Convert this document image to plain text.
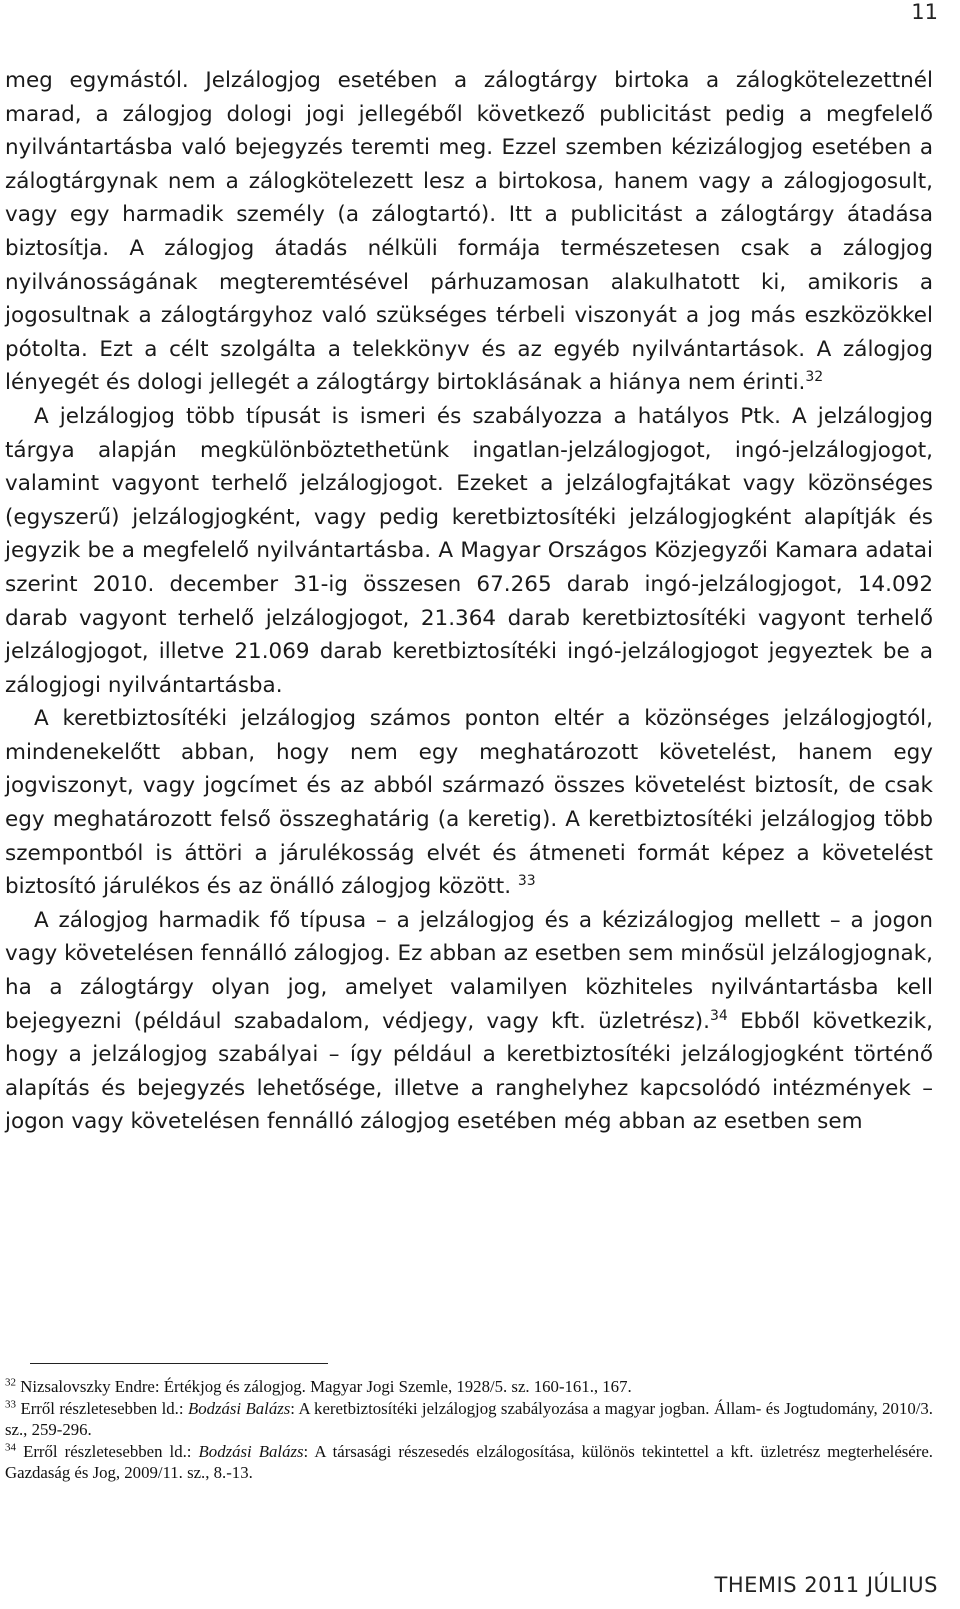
11

meg egymástól. Jelzálogjog esetében a zálogtárgy birtoka a zálogkötelezettnél marad, a zálogjog dologi jogi jellegéből következő publicitást pedig a megfelelő nyilvántartásba való bejegyzés teremti meg. Ezzel szemben kézizálogjog esetében a zálogtárgynak nem a zálogkötelezett lesz a birtokosa, hanem vagy a zálogjogosult, vagy egy harmadik személy (a zálogtartó). Itt a publicitást a zálogtárgy átadása biztosítja. A zálogjog átadás nélküli formája természetesen csak a zálogjog nyilvánosságának megteremtésével párhuzamosan alakulhatott ki, amikoris a jogosultnak a zálogtárgyhoz való szükséges térbeli viszonyát a jog más eszközökkel pótolta. Ezt a célt szolgálta a telekkönyv és az egyéb nyilvántartások. A zálogjog lényegét és dologi jellegét a zálogtárgy birtoklásának a hiánya nem érinti.$^{32}$

A jelzálogjog több típusát is ismeri és szabályozza a hatályos Ptk. A jelzálogjog tárgya alapján megkülönböztethetünk ingatlan-jelzálogjogot, ingó-jelzálogjogot, valamint vagyont terhelő jelzálogjogot. Ezeket a jelzálogfajtákat vagy közönséges (egyszerű) jelzálogjogként, vagy pedig keretbiztosítéki jelzálogjogként alapítják és jegyzik be a megfelelő nyilvántartásba. A Magyar Országos Közjegyzői Kamara adatai szerint 2010. december 31-ig összesen 67.265 darab ingó-jelzálogjogot, 14.092 darab vagyont terhelő jelzálogjogot, 21.364 darab keretbiztosítéki vagyont terhelő jelzálogjogot, illetve 21.069 darab keretbiztosítéki ingó-jelzálogjogot jegyeztek be a zálogjogi nyilvántartásba.

A keretbiztosítéki jelzálogjog számos ponton eltér a közönséges jelzálogjogtól, mindenekelőtt abban, hogy nem egy meghatározott követelést, hanem egy jogviszonyt, vagy jogcímet és az abból származó összes követelést biztosít, de csak egy meghatározott felső összeghatárig (a keretig). A keretbiztosítéki jelzálogjog több szempontból is áttöri a járulékosság elvét és átmeneti formát képez a követelést biztosító járulékos és az önálló zálogjog között. $^{33}$

A zálogjog harmadik fő típusa – a jelzálogjog és a kézizálogjog mellett – a jogon vagy követelésen fennálló zálogjog. Ez abban az esetben sem minősül jelzálogjognak, ha a zálogtárgy olyan jog, amelyet valamilyen közhiteles nyilvántartásba kell bejegyezni (például szabadalom, védjegy, vagy kft. üzletrész).$^{34}$ Ebből következik, hogy a jelzálogjog szabályai – így például a keretbiztosítéki jelzálogjogként történő alapítás és bejegyzés lehetősége, illetve a ranghelyhez kapcsolódó intézmények – jogon vagy követelésen fennálló zálogjog esetében még abban az esetben sem

$^{32}$ Nizsalovszky Endre: Értékjog és zálogjog. Magyar Jogi Szemle, 1928/5. sz. 160-161., 167.

$^{33}$ Erről részletesebben ld.: Bodzási Balázs: A keretbiztosítéki jelzálogjog szabályozása a magyar jogban. Állam- és Jogtudomány, 2010/3. sz., 259-296.

$^{34}$ Erről részletesebben ld.: Bodzási Balázs: A társasági részesedés elzálogosítása, különös tekintettel a kft. üzletrész megterhelésére. Gazdaság és Jog, 2009/11. sz., 8.-13.

THEMIS 2011 JÚLIUS
